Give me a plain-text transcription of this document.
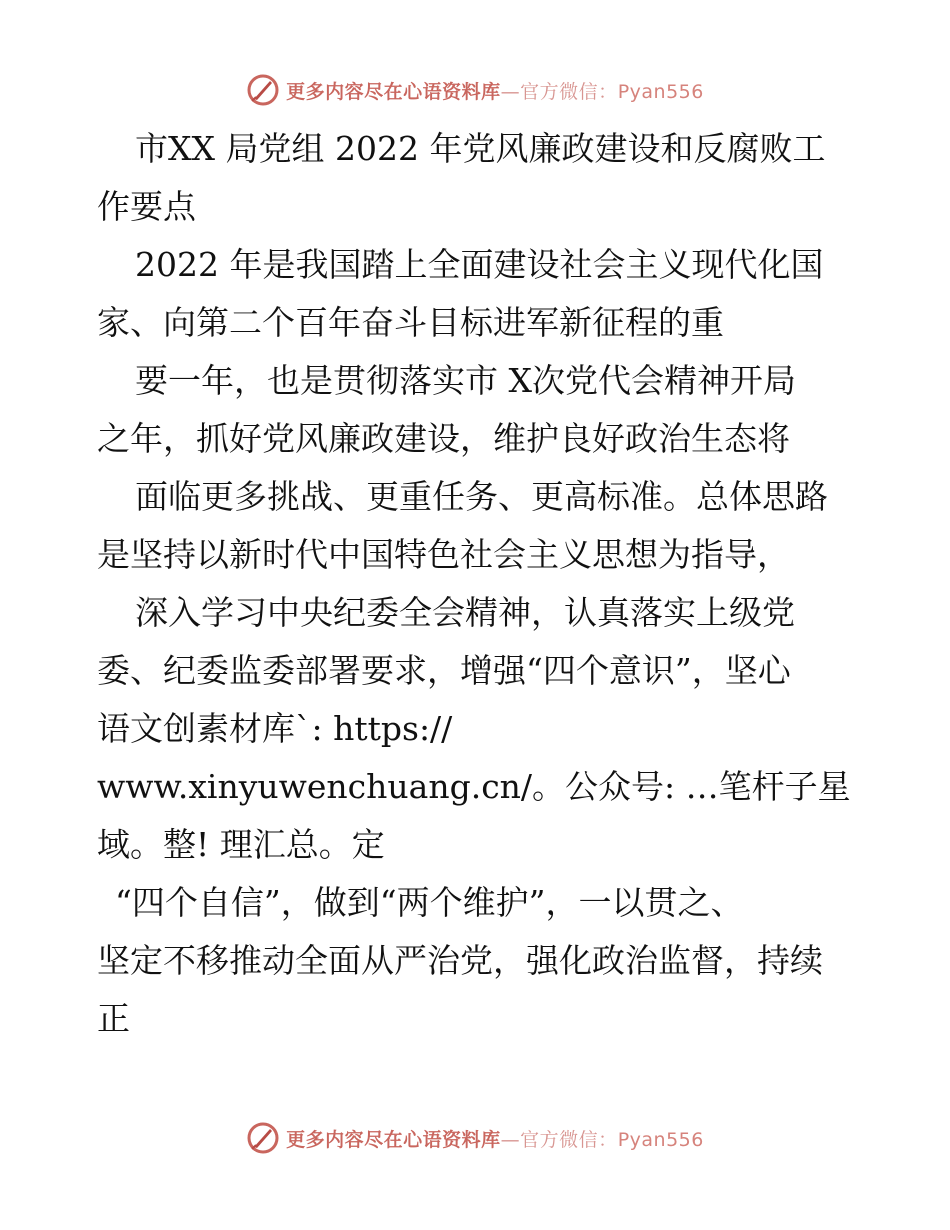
更多内容尽在心语资料库—官方微信：Pyan556
市XX 局党组 2022 年党风廉政建设和反腐败工
作要点
2022 年是我国踏上全面建设社会主义现代化国
家、向第二个百年奋斗目标进军新征程的重
要一年，也是贯彻落实市 X次党代会精神开局
之年，抓好党风廉政建设，维护良好政治生态将
面临更多挑战、更重任务、更高标准。总体思路
是坚持以新时代中国特色社会主义思想为指导，
深入学习中央纪委全会精神，认真落实上级党
委、纪委监委部署要求，增强“四个意识”，坚心
语文创素材库`: https://
www.xinyuwenchuang.cn/。公众号: …笔杆子星
域。整! 理汇总。定
“四个自信”，做到“两个维护”，一以贯之、
坚定不移推动全面从严治党，强化政治监督，持续
正
更多内容尽在心语资料库—官方微信：Pyan556
